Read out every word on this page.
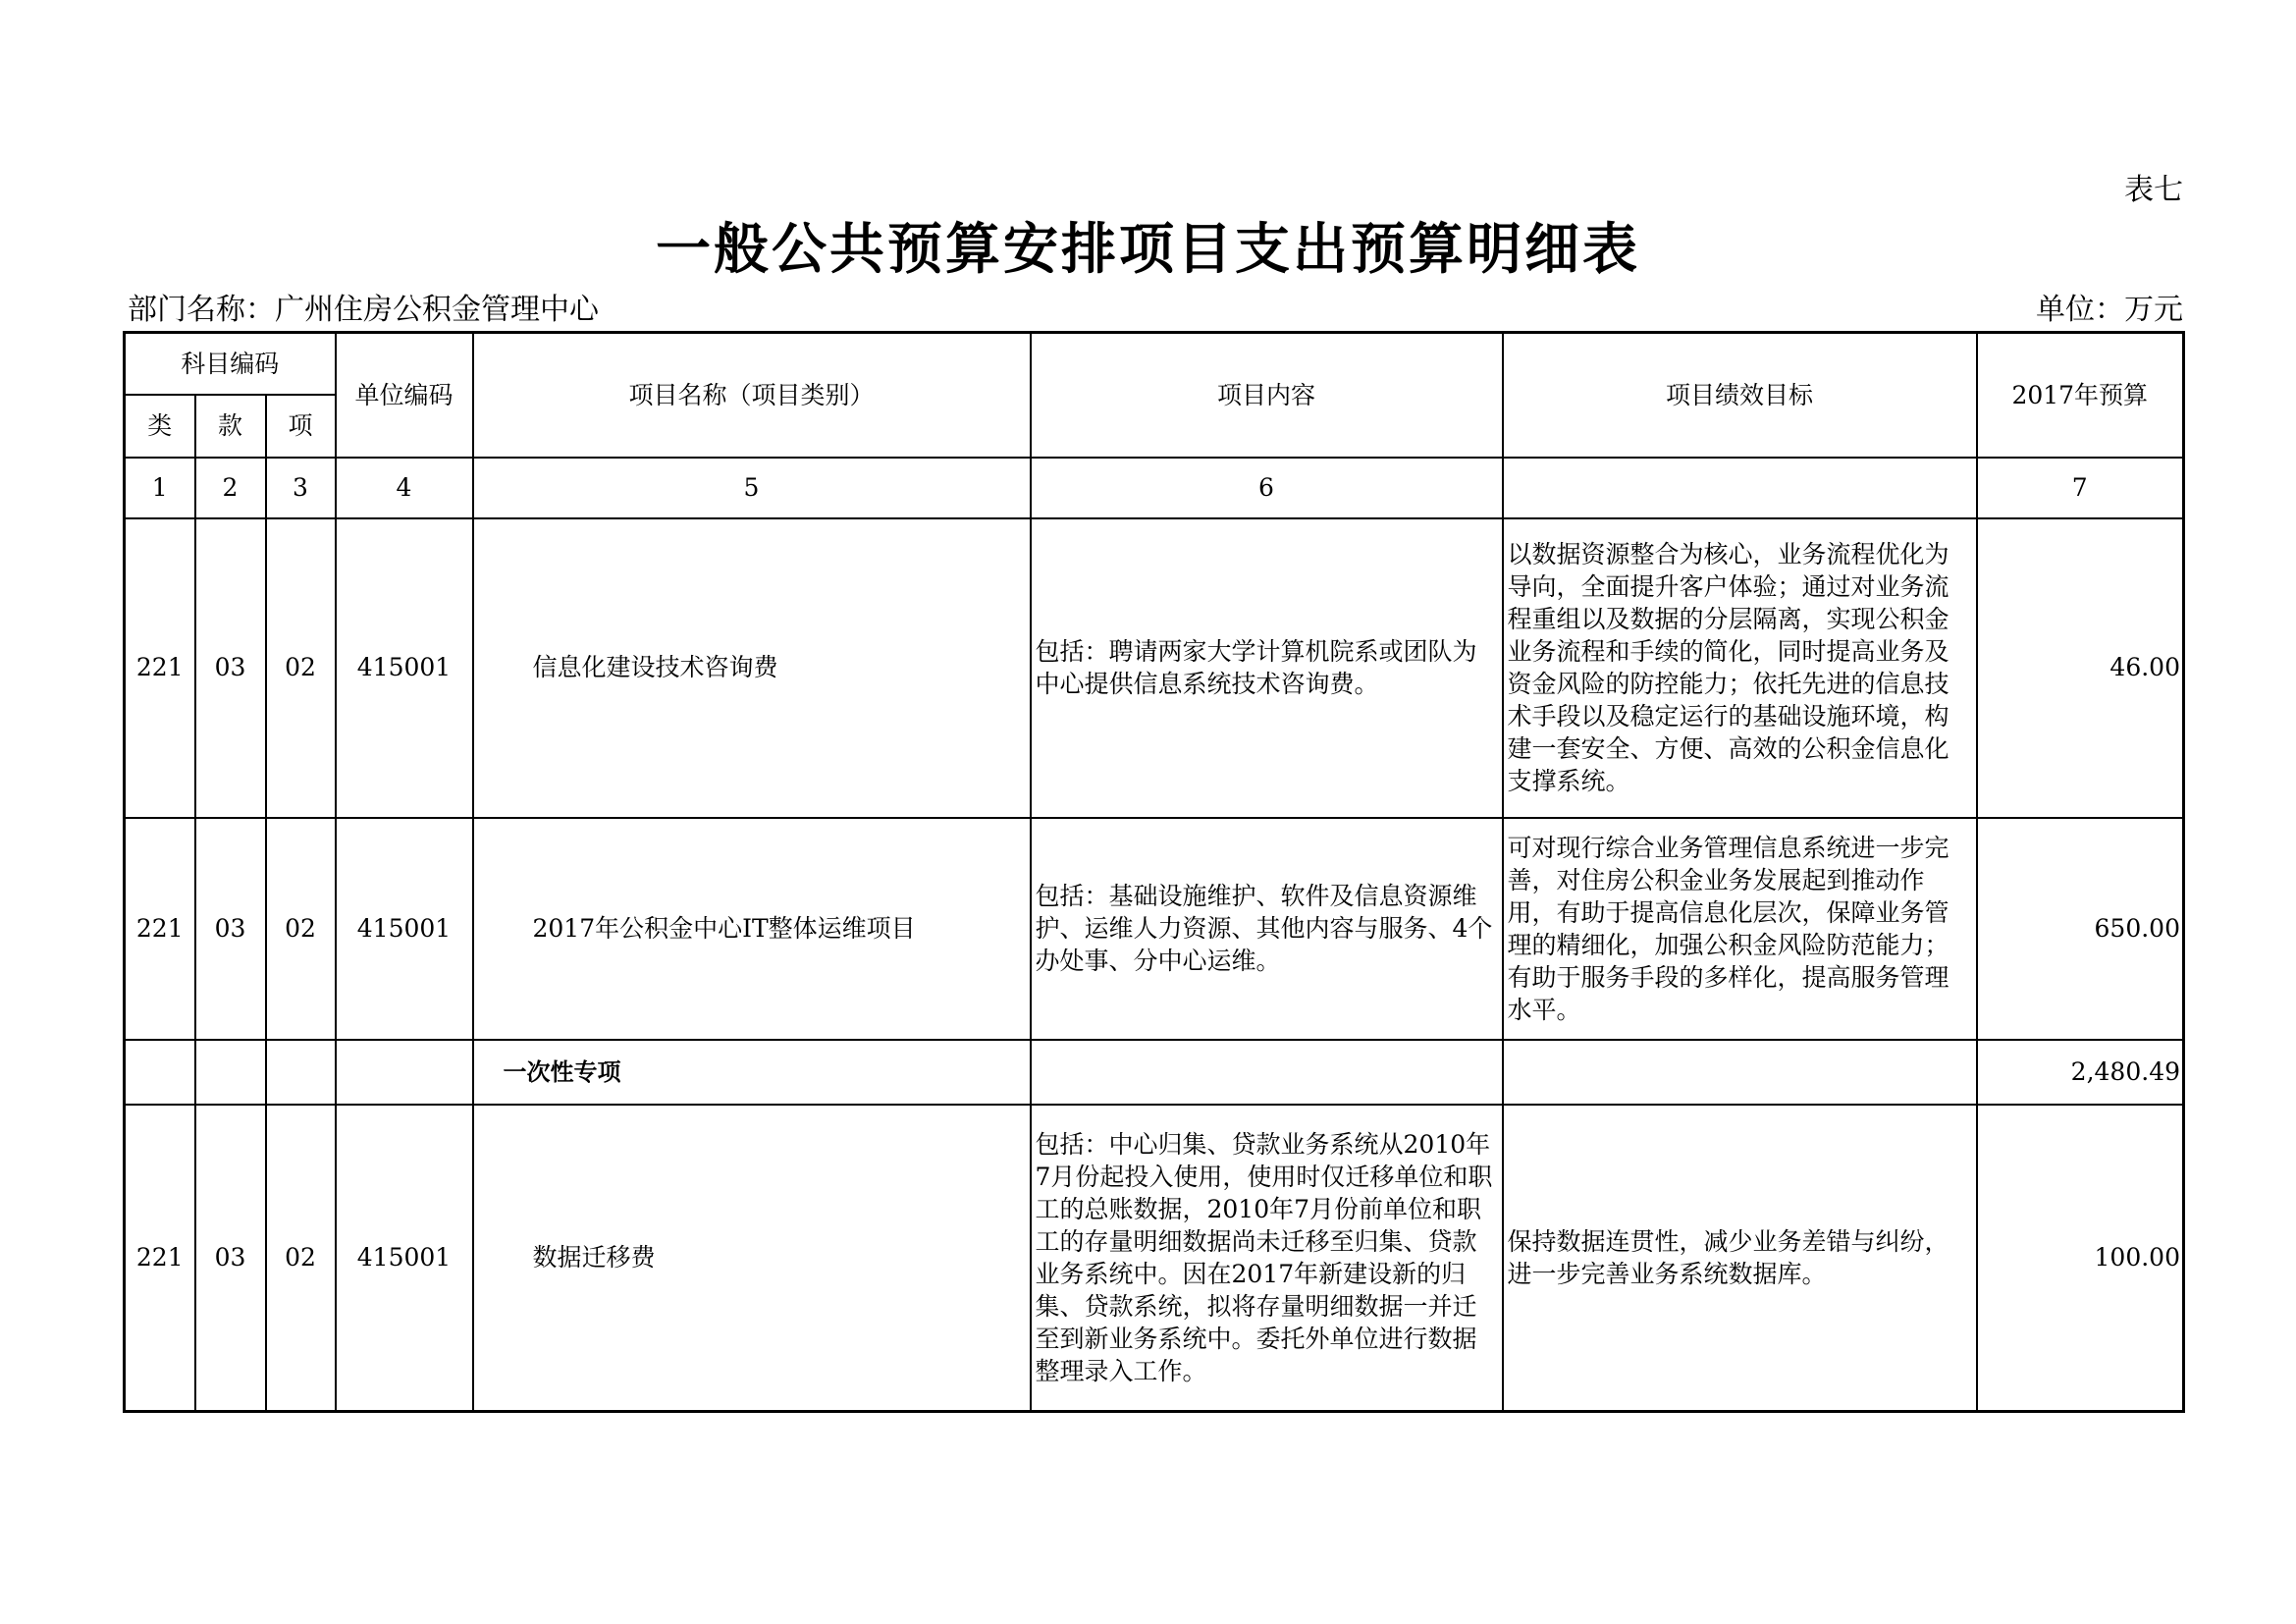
表七
一般公共预算安排项目支出预算明细表
部门名称：广州住房公积金管理中心	单位：万元
科目编码			单位编码	项目名称（项目类别）	项目内容	项目绩效目标	2017年预算
类	款	项					
1	2	3	4	5	6		7
221	03	02	415001	信息化建设技术咨询费	包括：聘请两家大学计算机院系或团队为中心提供信息系统技术咨询费。	以数据资源整合为核心，业务流程优化为导向，全面提升客户体验；通过对业务流程重组以及数据的分层隔离，实现公积金业务流程和手续的简化，同时提高业务及资金风险的防控能力；依托先进的信息技术手段以及稳定运行的基础设施环境，构建一套安全、方便、高效的公积金信息化支撑系统。	46.00
221	03	02	415001	2017年公积金中心IT整体运维项目	包括：基础设施维护、软件及信息资源维护、运维人力资源、其他内容与服务、4个办处事、分中心运维。	可对现行综合业务管理信息系统进一步完善，对住房公积金业务发展起到推动作用，有助于提高信息化层次，保障业务管理的精细化，加强公积金风险防范能力；有助于服务手段的多样化，提高服务管理水平。	650.00
				一次性专项			2,480.49
221	03	02	415001	数据迁移费	包括：中心归集、贷款业务系统从2010年7月份起投入使用，使用时仅迁移单位和职工的总账数据，2010年7月份前单位和职工的存量明细数据尚未迁移至归集、贷款业务系统中。因在2017年新建设新的归集、贷款系统，拟将存量明细数据一并迁至到新业务系统中。委托外单位进行数据整理录入工作。	保持数据连贯性，减少业务差错与纠纷，进一步完善业务系统数据库。	100.00
